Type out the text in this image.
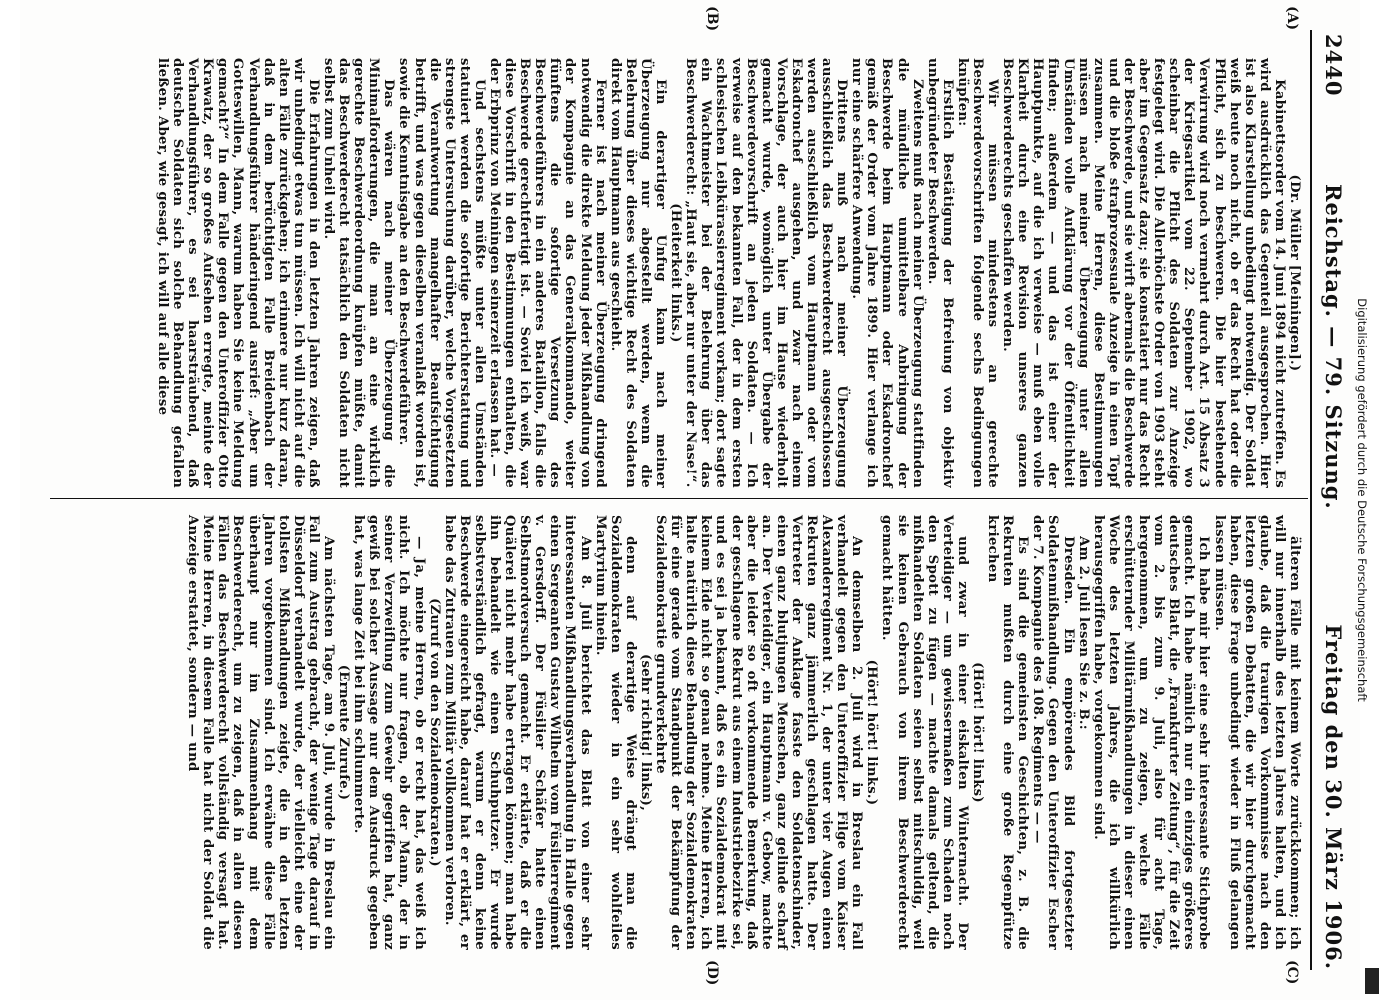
2440
Reichstag. — 79. Sitzung.
Freitag den 30. März 1906.
(A)
(B)
(C)
(D)

(Dr. Müller [Meiningen].)

Kabinettsorder vom 14. Juni 1894 nicht zutreffen. Es wird ausdrücklich das Gegenteil ausgesprochen. Hier ist also Klarstellung unbedingt notwendig. Der Soldat weiß heute noch nicht, ob er das Recht hat oder die Pflicht, sich zu beschweren. Die hier bestehende Verwirrung wird noch vermehrt durch Art. 15 Absatz 3 der Kriegsartikel vom 22. September 1902, wo scheinbar die Pflicht des Soldaten zur Anzeige festgelegt wird. Die Allerhöchste Order von 1903 steht aber im Gegensatz dazu; sie konstatiert nur das Recht der Beschwerde, und sie wirft abermals die Beschwerde und die bloße strafprozessuale Anzeige in einen Topf zusammen. Meine Herren, diese Bestimmungen müssen nach meiner Überzeugung unter allen Umständen volle Aufklärung vor der Öffentlichkeit finden; außerdem — und das ist einer der Hauptpunkte, auf die ich verweise — muß eben volle Klarheit durch eine Revision unseres ganzen Beschwerderechts geschaffen werden.

Wir müssen mindestens an gerechte Beschwerdevorschriften folgende sechs Bedingungen knüpfen:

Erstlich Bestätigung der Befreiung von objektiv unbegründeter Beschwerden.

Zweitens muß nach meiner Überzeugung stattfinden die mündliche unmittelbare Anbringung der Beschwerde beim Hauptmann oder Eskadronchef gemäß der Order vom Jahre 1899. Hier verlange ich nur eine schärfere Anwendung.

Drittens muß nach meiner Überzeugung ausschließlich das Beschwerderecht ausgeschlossen werden ausschließlich vom Hauptmann oder vom Eskadronchef ausgehen, und zwar nach einem Vorschlage, der auch hier im Hause wiederholt gemacht wurde, womöglich unter Übergabe der Beschwerdevorschrift an jeden Soldaten. — Ich verweise auf den bekannten Fall, der in dem ersten schlesischen Leibkürassierregiment vorkam; dort sagte ein Wachtmeister bei der Belehrung über das Beschwerderecht: „Haut sie, aber nur unter der Nase!“.

(Heiterkeit links.)

Ein derartiger Unfug kann nach meiner Überzeugung nur abgestellt werden, wenn die Belehrung über dieses wichtige Recht des Soldaten direkt vom Hauptmann aus geschieht.

Ferner ist nach meiner Überzeugung dringend notwendig die direkte Meldung jeder Mißhandlung von der Kompagnie an das Generalkommando, weiter fünftens die sofortige Versetzung des Beschwerdeführers in ein anderes Bataillon, falls die Beschwerde gerechtfertigt ist. — Soviel ich weiß, war diese Vorschrift in den Bestimmungen enthalten, die der Erbprinz von Meiningen seinerzeit erlassen hat. —

Und sechstens müßte unter allen Umständen statuiert werden die sofortige Berichterstattung und strengste Untersuchung darüber, welche Vorgesetzten die Verantwortung mangelhafter Beaufsichtigung betrifft, und was gegen dieselben veranlaßt worden ist, sowie die Kenntnisgabe an den Beschwerdeführer.

Das wären nach meiner Überzeugung die Minimalforderungen, die man an eine wirklich gerechte Beschwerdeordnung knüpfen müßte, damit das Beschwerderecht tatsächlich den Soldaten nicht selbst zum Unheil wird.

Die Erfahrungen in den letzten Jahren zeigen, daß wir unbedingt etwas tun müssen. Ich will nicht auf die alten Fälle zurückgehen; ich erinnere nur kurz daran, daß in dem berüchtigten Falle Breidenbach der Verhandlungsführer händeringend ausrief: „Aber um Gotteswillen, Mann, warum haben Sie keine Meldung gemacht?“ In dem Falle gegen den Unteroffizier Otto Krawatz, der so großes Aufsehen erregte, meinte der Verhandlungsführer, es sei haarsträubend, daß deutsche Soldaten sich solche Behandlung gefallen ließen. Aber, wie gesagt, ich will auf alle diese

älteren Fälle mit keinem Worte zurückkommen; ich will nur innerhalb des letzten Jahres halten, und ich glaube, daß die traurigen Vorkommnisse nach den letzten großen Debatten, die wir hier durchgemacht haben, diese Frage unbedingt wieder in Fluß gelangen lassen müssen.

Ich habe mir hier eine sehr interessante Stichprobe gemacht. Ich habe nämlich nur ein einziges größeres deutsches Blatt, die „Frankfurter Zeitung“, für die Zeit vom 2. bis zum 9. Juli, also für acht Tage, hergenommen, um zu zeigen, welche Fälle erschütternder Militärmißhandlungen in dieser einen Woche des letzten Jahres, die ich willkürlich herausgegriffen habe, vorgekommen sind.

Am 2. Juli lesen Sie z. B.:

Dresden. Ein empörendes Bild fortgesetzter Soldatenmißhandlung. Gegen den Unteroffizier Escher der 7. Kompagnie des 108. Regiments — —

Es sind die gemeinsten Geschichten, z. B. die Rekruten mußten durch eine große Regenpfütze kriechen

(Hört! hört! links)

und zwar in einer eiskalten Winternacht. Der Verteidiger — um gewissermaßen zum Schaden noch den Spott zu fügen — machte damals geltend, die mißhandelten Soldaten seien selbst mitschuldig, weil sie keinen Gebrauch von ihrem Beschwerderecht gemacht hätten.

(Hört! hört! links.)

An demselben 2. Juli wird in Breslau ein Fall verhandelt gegen den Unteroffizier Filge vom Kaiser Alexanderregiment Nr. 1, der unter vier Augen einen Rekruten ganz jämmerlich geschlagen hatte. Der Vertreter der Anklage fasste den Soldatenschinder, einen ganz blutjungen Menschen, ganz gelinde scharf an. Der Verteidiger, ein Hauptmann v. Gebow, machte aber die leider so oft vorkommende Bemerkung, daß der geschlagene Rekrut aus einem Industriebezirke sei, und es sei ja bekannt, daß es ein Sozialdemokrat mit keinem Eide nicht so genau nehme. Meine Herren, ich halte natürlich diese Behandlung der Sozialdemokraten für eine gerade vom Standpunkt der Bekämpfung der Sozialdemokratie grundverkehrte

(sehr richtig! links),

denn auf derartige Weise drängt man die Sozialdemokraten wieder in ein sehr wohlfeiles Martyrium hinein.

Am 8. Juli berichtet das Blatt von einer sehr interessanten Mißhandlungsverhandlung in Halle gegen einen Sergeanten Gustav Wilhelm vom Füsilierregiment v. Gersdorff. Der Füsilier Schäfer hatte einen Selbstmordversuch gemacht. Er erklärte, daß er die Quälerei nicht mehr habe ertragen können; man habe ihn behandelt wie einen Schuhputzer. Er wurde selbstverständlich gefragt, warum er denn keine Beschwerde eingereicht habe, darauf hat er erklärt, er habe das Zutrauen zum Militär vollkommen verloren.

(Zuruf von den Sozialdemokraten.)

— Ja, meine Herren, ob er recht hat, das weiß ich nicht. Ich möchte nur fragen, ob der Mann, der in seiner Verzweiflung zum Gewehr gegriffen hat, ganz gewiß bei solcher Aussage nur dem Ausdruck gegeben hat, was lange Zeit bei ihm schlummerte.

(Erneute Zurufe.)

Am nächsten Tage, am 9. Juli, wurde in Breslau ein Fall zum Austrag gebracht, der wenige Tage darauf in Düsseldorf verhandelt wurde, der vielleicht eine der tollsten Mißhandlungen zeigte, die in den letzten Jahren vorgekommen sind. Ich erwähne diese Fälle überhaupt nur im Zusammenhang mit dem Beschwerderecht, um zu zeigen, daß in allen diesen Fällen das Beschwerderecht vollständig versagt hat. Meine Herren, in diesem Falle hat nicht der Soldat die Anzeige erstattet, sondern — und	Digitalisierung gefördert durch die Deutsche Forschungsgemeinschaft
